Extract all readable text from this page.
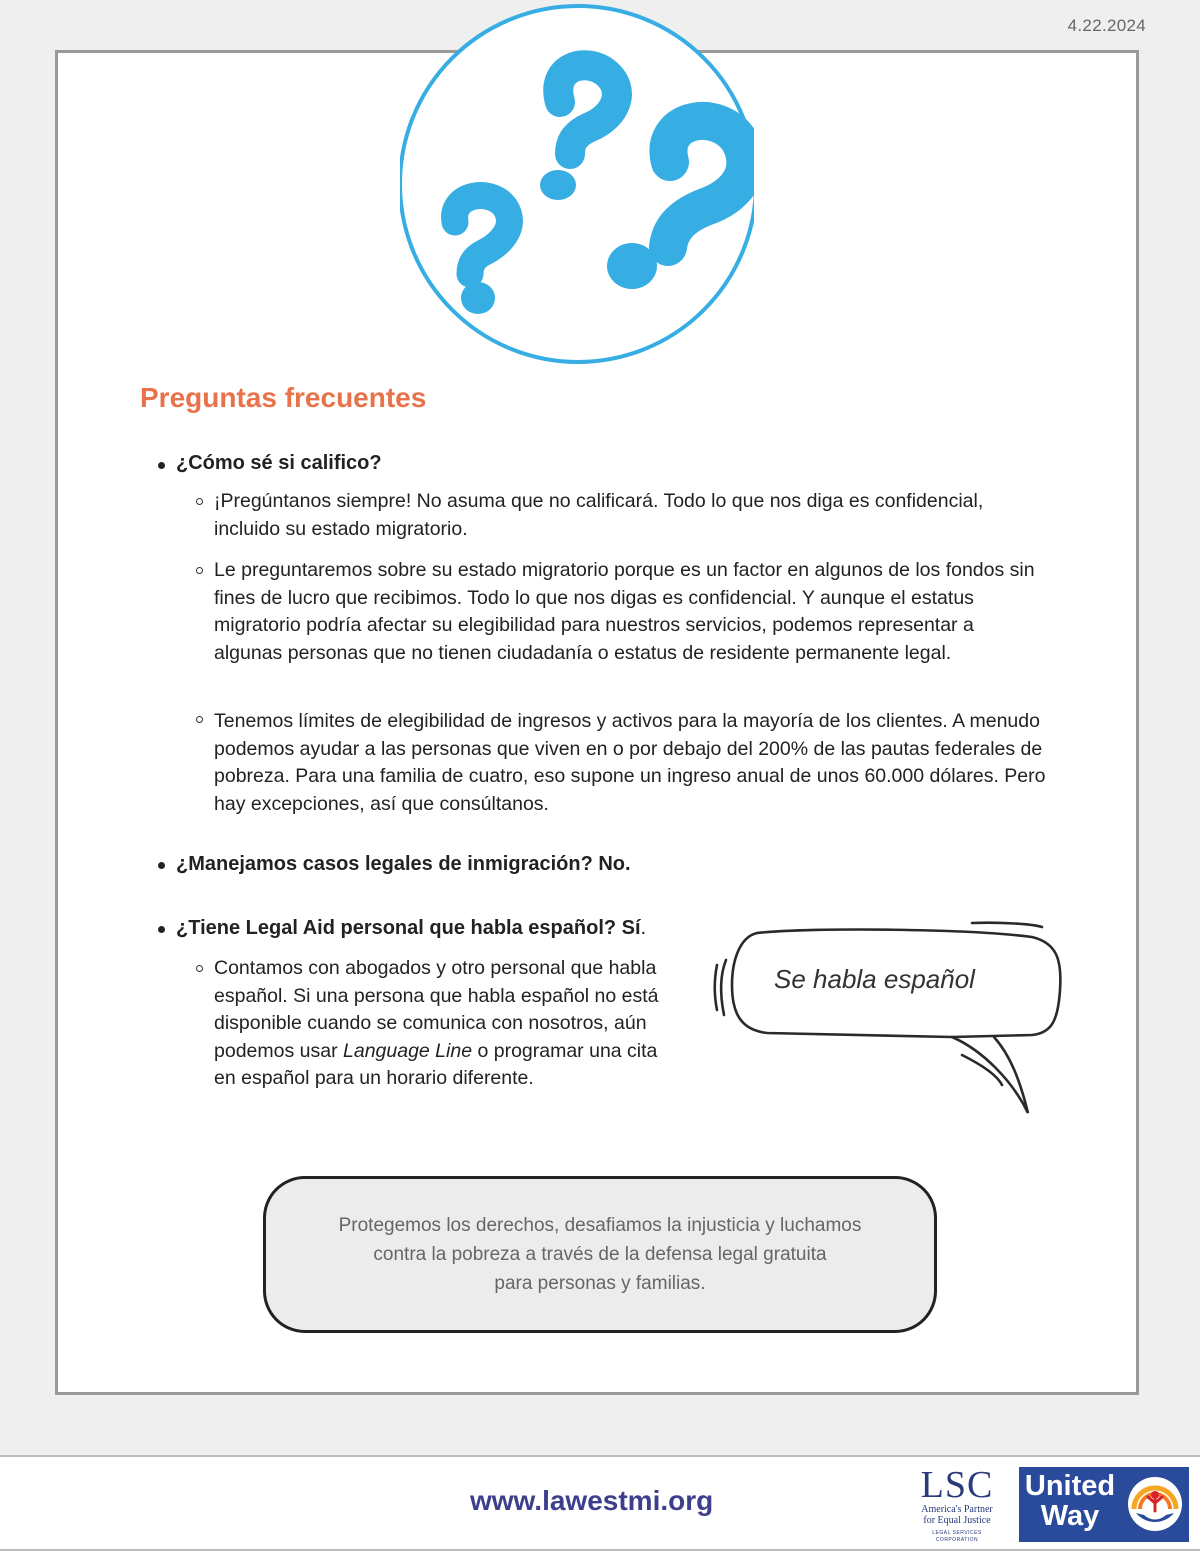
4.22.2024
Preguntas frecuentes
¿Cómo sé si califico?
¡Pregúntanos siempre! No asuma que no calificará. Todo lo que nos diga es confidencial, incluido su estado migratorio.
Le preguntaremos sobre su estado migratorio porque es un factor en algunos de los fondos sin fines de lucro que recibimos. Todo lo que nos digas es confidencial. Y aunque el estatus migratorio podría afectar su elegibilidad para nuestros servicios, podemos representar a algunas personas que no tienen ciudadanía o estatus de residente permanente legal.
Tenemos límites de elegibilidad de ingresos y activos para la mayoría de los clientes. A menudo podemos ayudar a las personas que viven en o por debajo del 200% de las pautas federales de pobreza. Para una familia de cuatro, eso supone un ingreso anual de unos 60.000 dólares. Pero hay excepciones, así que consúltanos.
¿Manejamos casos legales de inmigración? No.
¿Tiene Legal Aid personal que habla español? Sí.
Contamos con abogados y otro personal que habla español. Si una persona que habla español no está disponible cuando se comunica con nosotros, aún podemos usar Language Line o programar una cita en español para un horario diferente.
Se habla español
Protegemos los derechos, desafiamos la injusticia y luchamos
contra la pobreza a través de la defensa legal gratuita
para personas y familias.
www.lawestmi.org	LSC
America's Partner
for Equal Justice
LEGAL SERVICES CORPORATION
United
Way
